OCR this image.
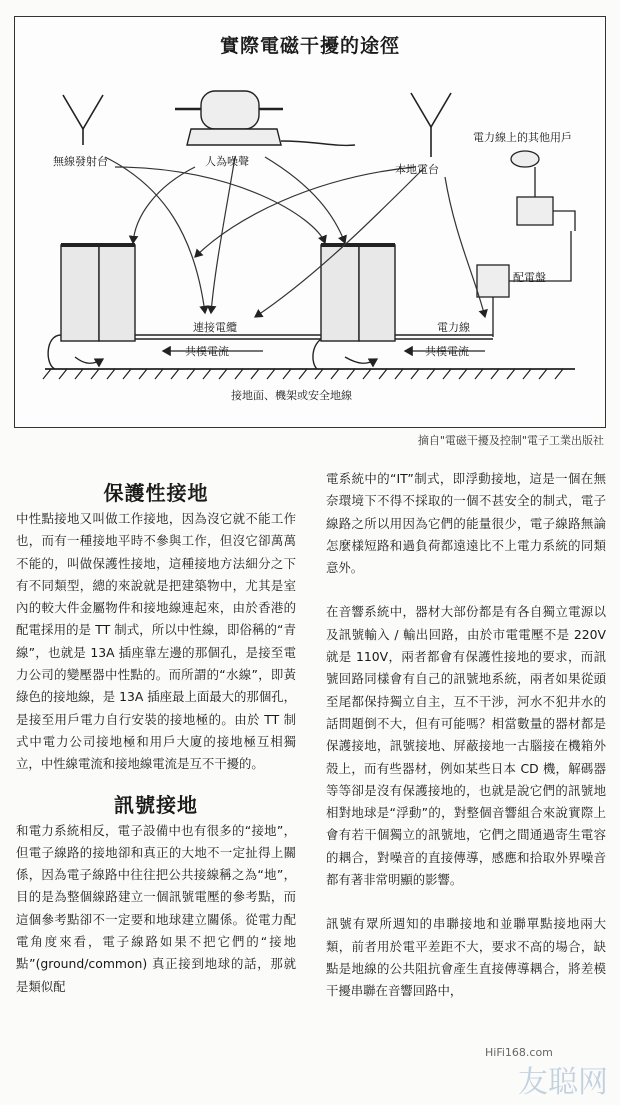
實際電磁干擾的途徑
無線發射台	人為噪聲
本地電台
電力線上的其他用戶
配電盤
連接電纜	電力線
共模電流	共模電流
接地面、機架或安全地線
摘自"電磁干擾及控制"電子工業出版社

保護性接地

中性點接地又叫做工作接地，因為沒它就不能工作也，而有一種接地平時不參與工作，但沒它卻萬萬不能的，叫做保護性接地，這種接地方法細分之下有不同類型，總的來說就是把建築物中，尤其是室內的較大件金屬物件和接地線連起來，由於香港的配電採用的是 TT 制式，所以中性線，即俗稱的“青線”，也就是 13A 插座靠左邊的那個孔，是接至電力公司的變壓器中性點的。而所謂的“水線”，即黃綠色的接地線，是 13A 插座最上面最大的那個孔，是接至用戶電力自行安裝的接地極的。由於 TT 制式中電力公司接地極和用戶大廈的接地極互相獨立，中性線電流和接地線電流是互不干擾的。

訊號接地

和電力系統相反，電子設備中也有很多的“接地”，但電子線路的接地卻和真正的大地不一定扯得上關係，因為電子線路中往往把公共接線稱之為“地”，目的是為整個線路建立一個訊號電壓的參考點，而這個參考點卻不一定要和地球建立關係。從電力配電角度來看，電子線路如果不把它們的“接地點”(ground/common) 真正接到地球的話，那就是類似配

電系統中的“IT”制式，即浮動接地，這是一個在無奈環境下不得不採取的一個不甚安全的制式，電子線路之所以用因為它們的能量很少，電子線路無論怎麼樣短路和過負荷都遠遠比不上電力系統的同類意外。

在音響系統中，器材大部份都是有各自獨立電源以及訊號輸入 / 輸出回路，由於市電電壓不是 220V 就是 110V，兩者都會有保護性接地的要求，而訊號回路同樣會有自己的訊號地系統，兩者如果從頭至尾都保持獨立自主，互不干涉，河水不犯井水的話問題倒不大，但有可能嗎？相當數量的器材都是保護接地，訊號接地、屏蔽接地一古腦接在機箱外殼上，而有些器材，例如某些日本 CD 機，解碼器等等卻是沒有保護接地的，也就是說它們的訊號地相對地球是“浮動”的，對整個音響組合來說實際上會有若干個獨立的訊號地，它們之間通過寄生電容的耦合，對噪音的直接傳導，感應和拾取外界噪音都有著非常明顯的影響。

訊號有眾所週知的串聯接地和並聯單點接地兩大類，前者用於電平差距不大，要求不高的場合，缺點是地線的公共阻抗會產生直接傳導耦合，將差模干擾串聯在音響回路中，

HiFi168.com
友聪网
